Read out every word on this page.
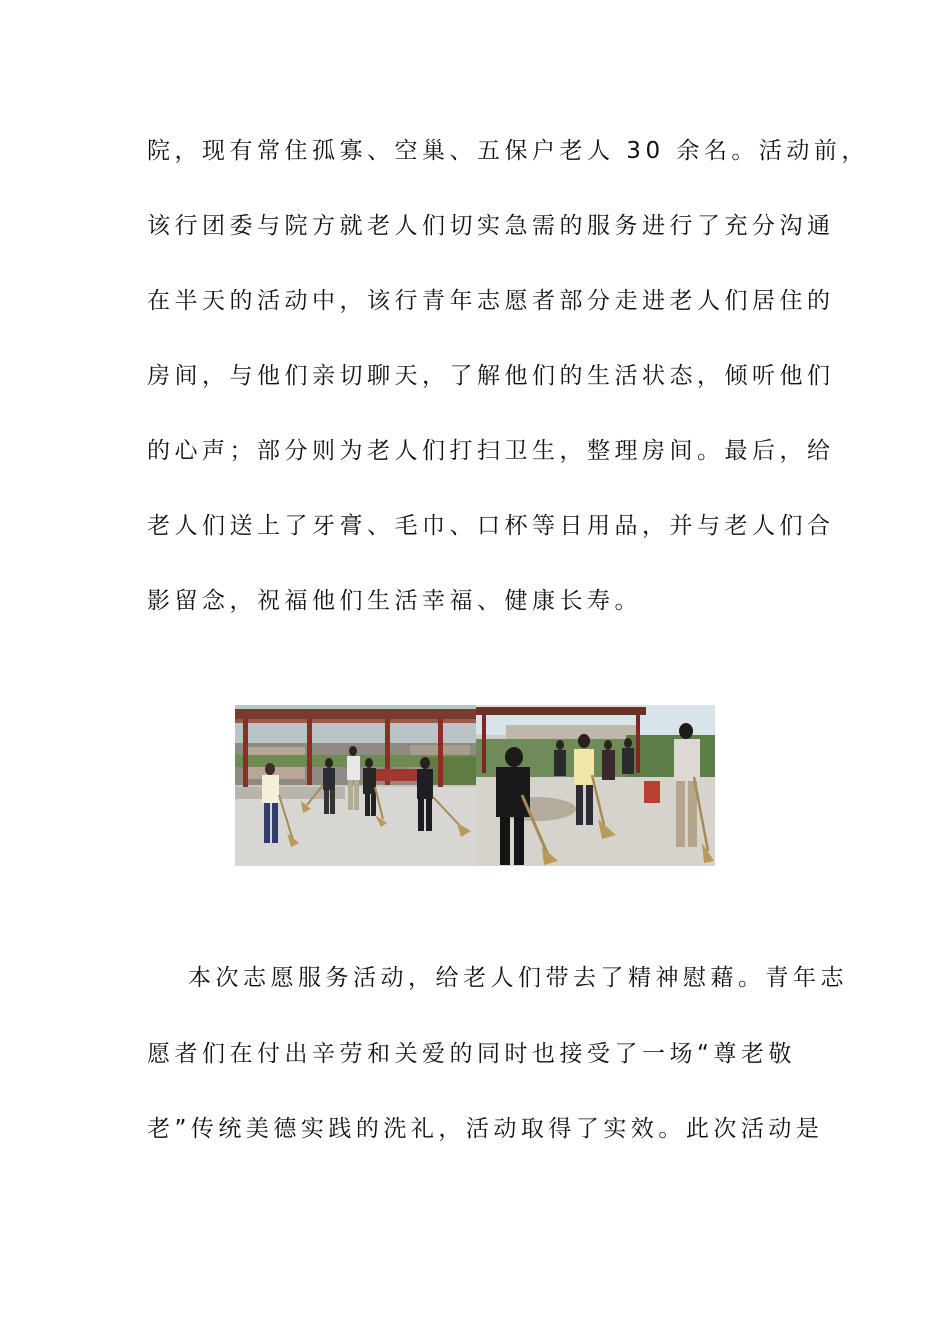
院，现有常住孤寡、空巢、五保户老人 30 余名。活动前，
该行团委与院方就老人们切实急需的服务进行了充分沟通
在半天的活动中，该行青年志愿者部分走进老人们居住的
房间，与他们亲切聊天，了解他们的生活状态，倾听他们
的心声；部分则为老人们打扫卫生，整理房间。最后，给
老人们送上了牙膏、毛巾、口杯等日用品，并与老人们合
影留念，祝福他们生活幸福、健康长寿。
本次志愿服务活动，给老人们带去了精神慰藉。青年志
愿者们在付出辛劳和关爱的同时也接受了一场“尊老敬
老”传统美德实践的洗礼，活动取得了实效。此次活动是
